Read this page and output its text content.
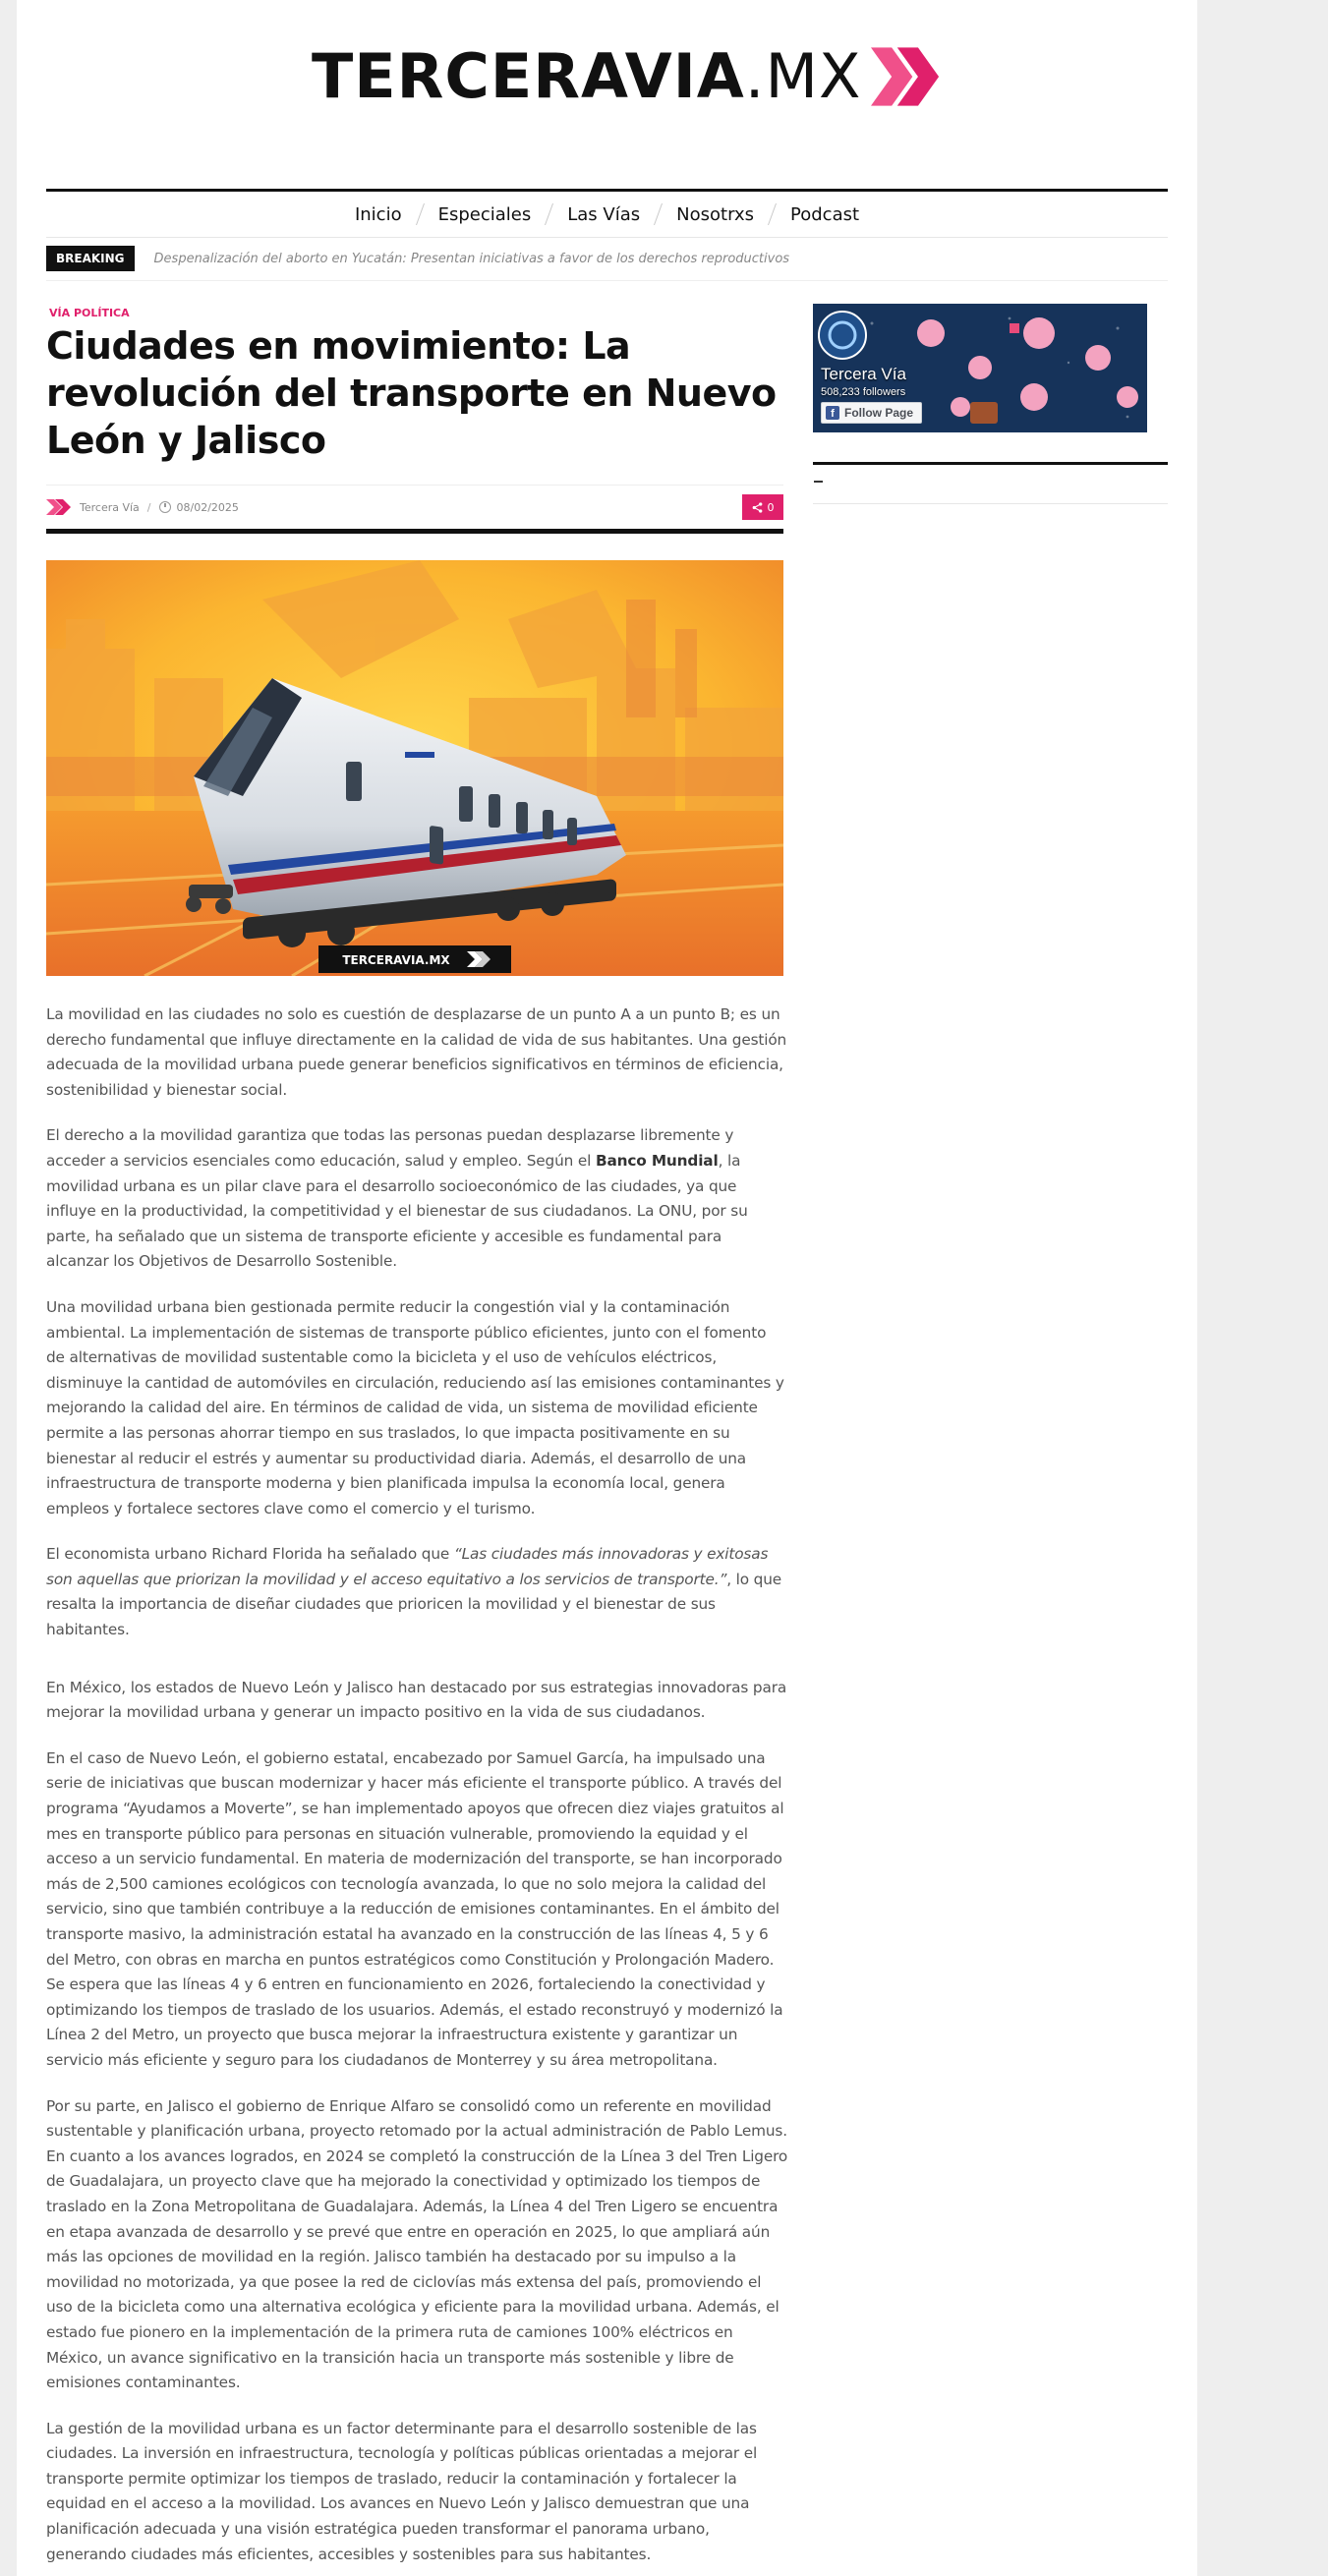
TERCERAVIA.MX
Inicio	Especiales	Las Vías	Nosotrxs	Podcast
BREAKING	Despenalización del aborto en Yucatán: Presentan iniciativas a favor de los derechos reproductivos
VÍA POLÍTICA
Ciudades en movimiento: La revolución del transporte en Nuevo León y Jalisco
Tercera Vía / 08/02/2025	0
TERCERAVIA.MX

La movilidad en las ciudades no solo es cuestión de desplazarse de un punto A a un punto B; es un derecho fundamental que influye directamente en la calidad de vida de sus habitantes. Una gestión adecuada de la movilidad urbana puede generar beneficios significativos en términos de eficiencia, sostenibilidad y bienestar social.

El derecho a la movilidad garantiza que todas las personas puedan desplazarse libremente y acceder a servicios esenciales como educación, salud y empleo. Según el Banco Mundial, la movilidad urbana es un pilar clave para el desarrollo socioeconómico de las ciudades, ya que influye en la productividad, la competitividad y el bienestar de sus ciudadanos. La ONU, por su parte, ha señalado que un sistema de transporte eficiente y accesible es fundamental para alcanzar los Objetivos de Desarrollo Sostenible.

Una movilidad urbana bien gestionada permite reducir la congestión vial y la contaminación ambiental. La implementación de sistemas de transporte público eficientes, junto con el fomento de alternativas de movilidad sustentable como la bicicleta y el uso de vehículos eléctricos, disminuye la cantidad de automóviles en circulación, reduciendo así las emisiones contaminantes y mejorando la calidad del aire. En términos de calidad de vida, un sistema de movilidad eficiente permite a las personas ahorrar tiempo en sus traslados, lo que impacta positivamente en su bienestar al reducir el estrés y aumentar su productividad diaria. Además, el desarrollo de una infraestructura de transporte moderna y bien planificada impulsa la economía local, genera empleos y fortalece sectores clave como el comercio y el turismo.

El economista urbano Richard Florida ha señalado que “Las ciudades más innovadoras y exitosas son aquellas que priorizan la movilidad y el acceso equitativo a los servicios de transporte.”, lo que resalta la importancia de diseñar ciudades que prioricen la movilidad y el bienestar de sus habitantes.

En México, los estados de Nuevo León y Jalisco han destacado por sus estrategias innovadoras para mejorar la movilidad urbana y generar un impacto positivo en la vida de sus ciudadanos.

En el caso de Nuevo León, el gobierno estatal, encabezado por Samuel García, ha impulsado una serie de iniciativas que buscan modernizar y hacer más eficiente el transporte público. A través del programa “Ayudamos a Moverte”, se han implementado apoyos que ofrecen diez viajes gratuitos al mes en transporte público para personas en situación vulnerable, promoviendo la equidad y el acceso a un servicio fundamental. En materia de modernización del transporte, se han incorporado más de 2,500 camiones ecológicos con tecnología avanzada, lo que no solo mejora la calidad del servicio, sino que también contribuye a la reducción de emisiones contaminantes. En el ámbito del transporte masivo, la administración estatal ha avanzado en la construcción de las líneas 4, 5 y 6 del Metro, con obras en marcha en puntos estratégicos como Constitución y Prolongación Madero. Se espera que las líneas 4 y 6 entren en funcionamiento en 2026, fortaleciendo la conectividad y optimizando los tiempos de traslado de los usuarios. Además, el estado reconstruyó y modernizó la Línea 2 del Metro, un proyecto que busca mejorar la infraestructura existente y garantizar un servicio más eficiente y seguro para los ciudadanos de Monterrey y su área metropolitana.

Por su parte, en Jalisco el gobierno de Enrique Alfaro se consolidó como un referente en movilidad sustentable y planificación urbana, proyecto retomado por la actual administración de Pablo Lemus. En cuanto a los avances logrados, en 2024 se completó la construcción de la Línea 3 del Tren Ligero de Guadalajara, un proyecto clave que ha mejorado la conectividad y optimizado los tiempos de traslado en la Zona Metropolitana de Guadalajara. Además, la Línea 4 del Tren Ligero se encuentra en etapa avanzada de desarrollo y se prevé que entre en operación en 2025, lo que ampliará aún más las opciones de movilidad en la región. Jalisco también ha destacado por su impulso a la movilidad no motorizada, ya que posee la red de ciclovías más extensa del país, promoviendo el uso de la bicicleta como una alternativa ecológica y eficiente para la movilidad urbana. Además, el estado fue pionero en la implementación de la primera ruta de camiones 100% eléctricos en México, un avance significativo en la transición hacia un transporte más sostenible y libre de emisiones contaminantes.

La gestión de la movilidad urbana es un factor determinante para el desarrollo sostenible de las ciudades. La inversión en infraestructura, tecnología y políticas públicas orientadas a mejorar el transporte permite optimizar los tiempos de traslado, reducir la contaminación y fortalecer la equidad en el acceso a la movilidad. Los avances en Nuevo León y Jalisco demuestran que una planificación adecuada y una visión estratégica pueden transformar el panorama urbano, generando ciudades más eficientes, accesibles y sostenibles para sus habitantes.

Tercera Vía
508,233 followers
f Follow Page
